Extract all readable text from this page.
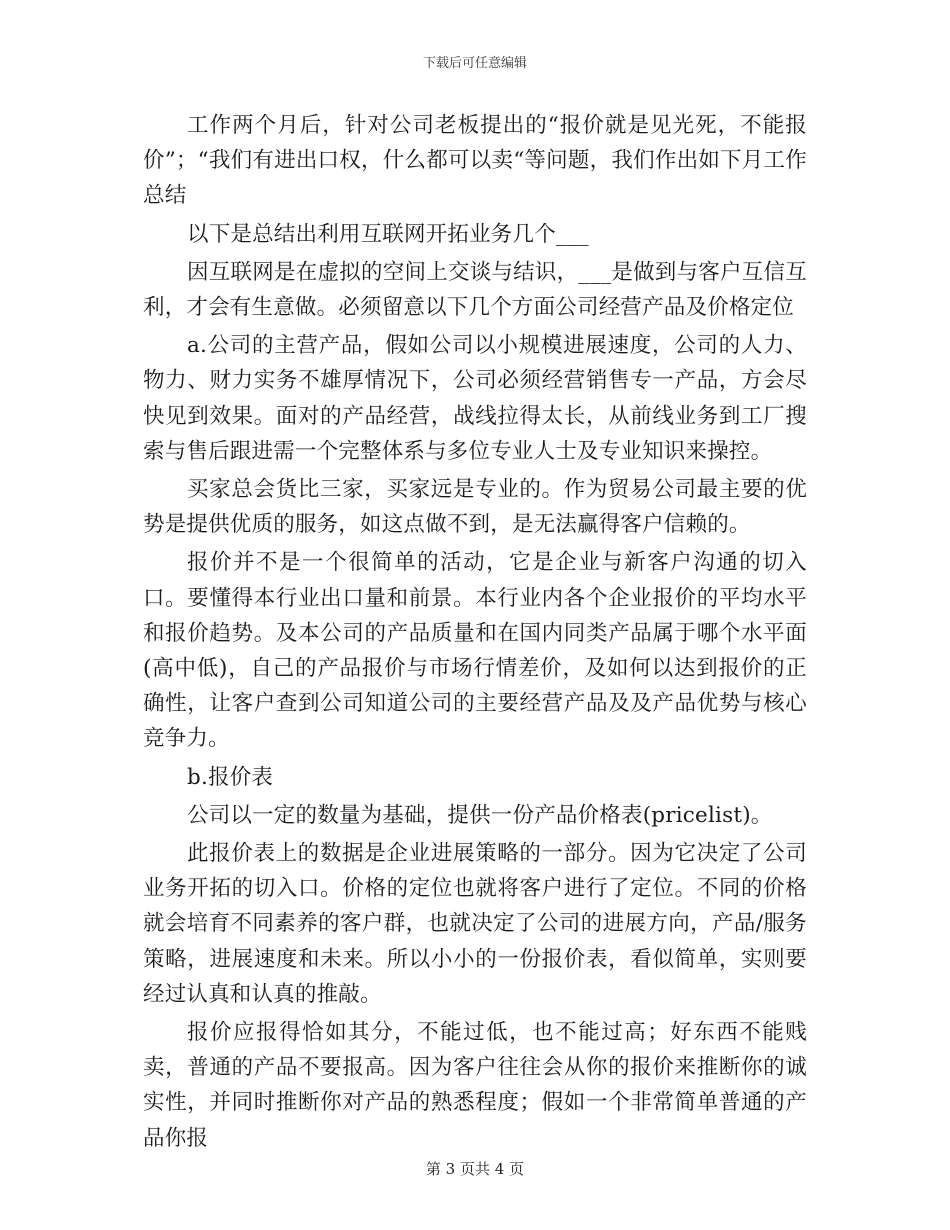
下载后可任意编辑

工作两个月后，针对公司老板提出的“报价就是见光死，不能报价”；“我们有进出口权，什么都可以卖“等问题，我们作出如下月工作总结

以下是总结出利用互联网开拓业务几个___

因互联网是在虚拟的空间上交谈与结识，___是做到与客户互信互利，才会有生意做。必须留意以下几个方面公司经营产品及价格定位

a.公司的主营产品，假如公司以小规模进展速度，公司的人力、物力、财力实务不雄厚情况下，公司必须经营销售专一产品，方会尽快见到效果。面对的产品经营，战线拉得太长，从前线业务到工厂搜索与售后跟进需一个完整体系与多位专业人士及专业知识来操控。

买家总会货比三家，买家远是专业的。作为贸易公司最主要的优势是提供优质的服务，如这点做不到，是无法赢得客户信赖的。

报价并不是一个很简单的活动，它是企业与新客户沟通的切入口。要懂得本行业出口量和前景。本行业内各个企业报价的平均水平和报价趋势。及本公司的产品质量和在国内同类产品属于哪个水平面(高中低)，自己的产品报价与市场行情差价，及如何以达到报价的正确性，让客户查到公司知道公司的主要经营产品及及产品优势与核心竞争力。

b.报价表

公司以一定的数量为基础，提供一份产品价格表(pricelist)。

此报价表上的数据是企业进展策略的一部分。因为它决定了公司业务开拓的切入口。价格的定位也就将客户进行了定位。不同的价格就会培育不同素养的客户群，也就决定了公司的进展方向，产品/服务策略，进展速度和未来。所以小小的一份报价表，看似简单，实则要经过认真和认真的推敲。

报价应报得恰如其分，不能过低，也不能过高；好东西不能贱卖，普通的产品不要报高。因为客户往往会从你的报价来推断你的诚实性，并同时推断你对产品的熟悉程度；假如一个非常简单普通的产品你报

第 3 页共 4 页
